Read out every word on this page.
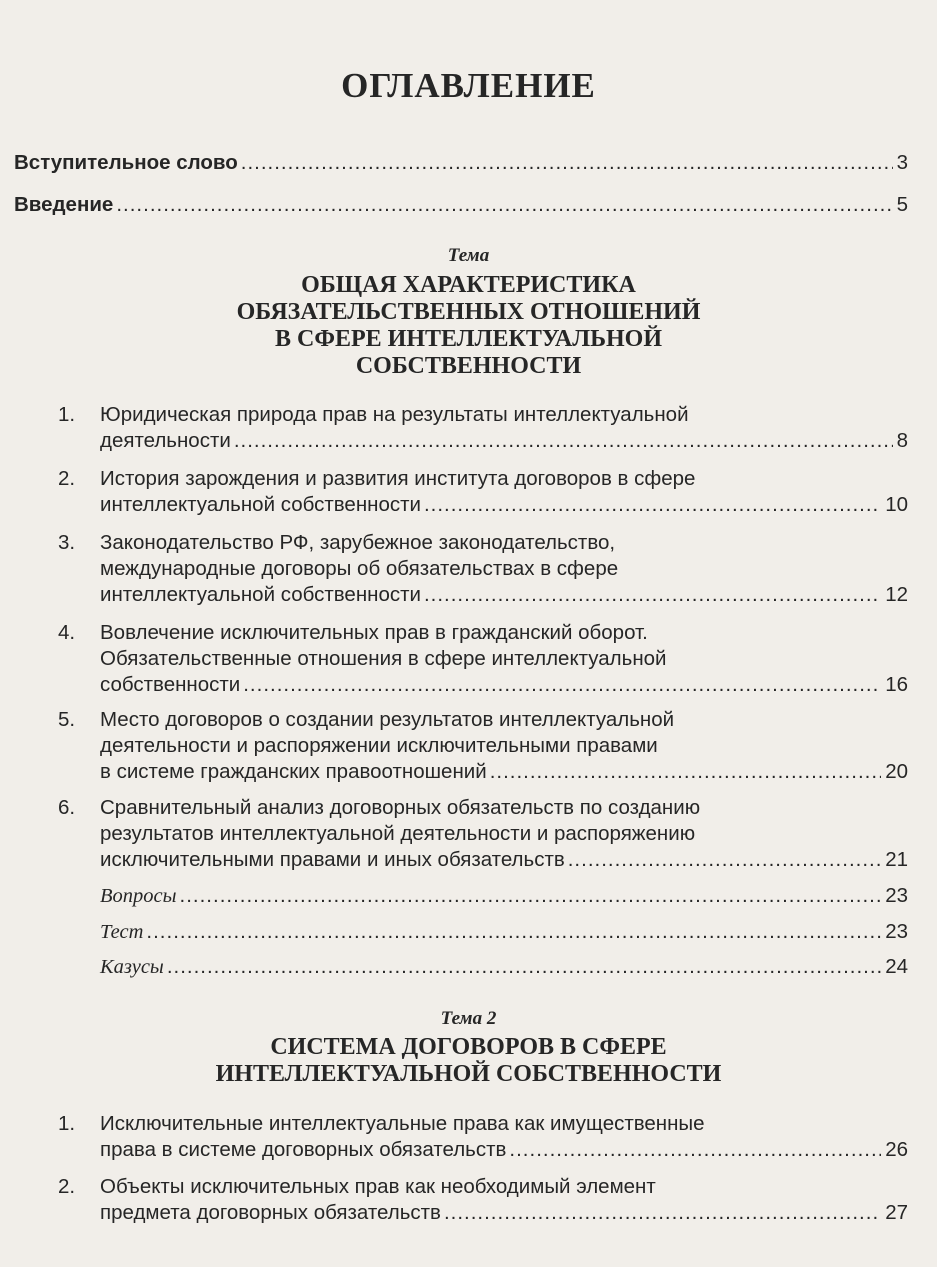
ОГЛАВЛЕНИЕ
Вступительное слово .....	3
Введение .....	5
Тема
ОБЩАЯ ХАРАКТЕРИСТИКА
ОБЯЗАТЕЛЬСТВЕННЫХ ОТНОШЕНИЙ
В СФЕРЕ ИНТЕЛЛЕКТУАЛЬНОЙ
СОБСТВЕННОСТИ
1. Юридическая природа прав на результаты интеллектуальной
деятельности .....	8
2. История зарождения и развития института договоров в сфере
интеллектуальной собственности .....	10
3. Законодательство РФ, зарубежное законодательство,
международные договоры об обязательствах в сфере
интеллектуальной собственности .....	12
4. Вовлечение исключительных прав в гражданский оборот.
Обязательственные отношения в сфере интеллектуальной
собственности .....	16
5. Место договоров о создании результатов интеллектуальной
деятельности и распоряжении исключительными правами
в системе гражданских правоотношений .....	20
6. Сравнительный анализ договорных обязательств по созданию
результатов интеллектуальной деятельности и распоряжению
исключительными правами и иных обязательств .....	21
Вопросы .....	23
Тест .....	23
Казусы .....	24
Тема 2
СИСТЕМА ДОГОВОРОВ В СФЕРЕ
ИНТЕЛЛЕКТУАЛЬНОЙ СОБСТВЕННОСТИ
1. Исключительные интеллектуальные права как имущественные
права в системе договорных обязательств .....	26
2. Объекты исключительных прав как необходимый элемент
предмета договорных обязательств .....	27
